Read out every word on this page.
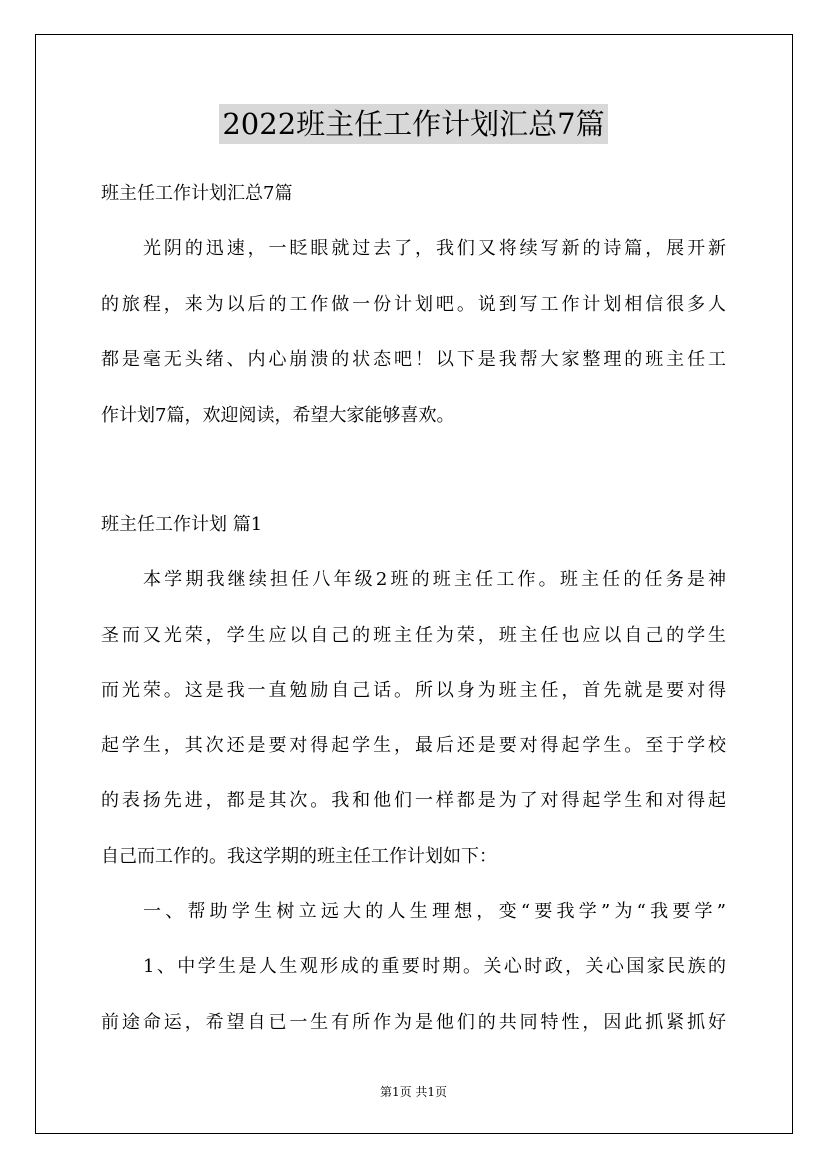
2022班主任工作计划汇总7篇
班主任工作计划汇总7篇
光阴的迅速，一眨眼就过去了，我们又将续写新的诗篇，展开新
的旅程，来为以后的工作做一份计划吧。说到写工作计划相信很多人
都是毫无头绪、内心崩溃的状态吧！以下是我帮大家整理的班主任工
作计划7篇，欢迎阅读，希望大家能够喜欢。
班主任工作计划 篇1
本学期我继续担任八年级2班的班主任工作。班主任的任务是神
圣而又光荣，学生应以自己的班主任为荣，班主任也应以自己的学生
而光荣。这是我一直勉励自己话。所以身为班主任，首先就是要对得
起学生，其次还是要对得起学生，最后还是要对得起学生。至于学校
的表扬先进，都是其次。我和他们一样都是为了对得起学生和对得起
自己而工作的。我这学期的班主任工作计划如下：
一、帮助学生树立远大的人生理想，变“要我学”为“我要学”
1、中学生是人生观形成的重要时期。关心时政，关心国家民族的
前途命运，希望自已一生有所作为是他们的共同特性，因此抓紧抓好
第1页 共1页
